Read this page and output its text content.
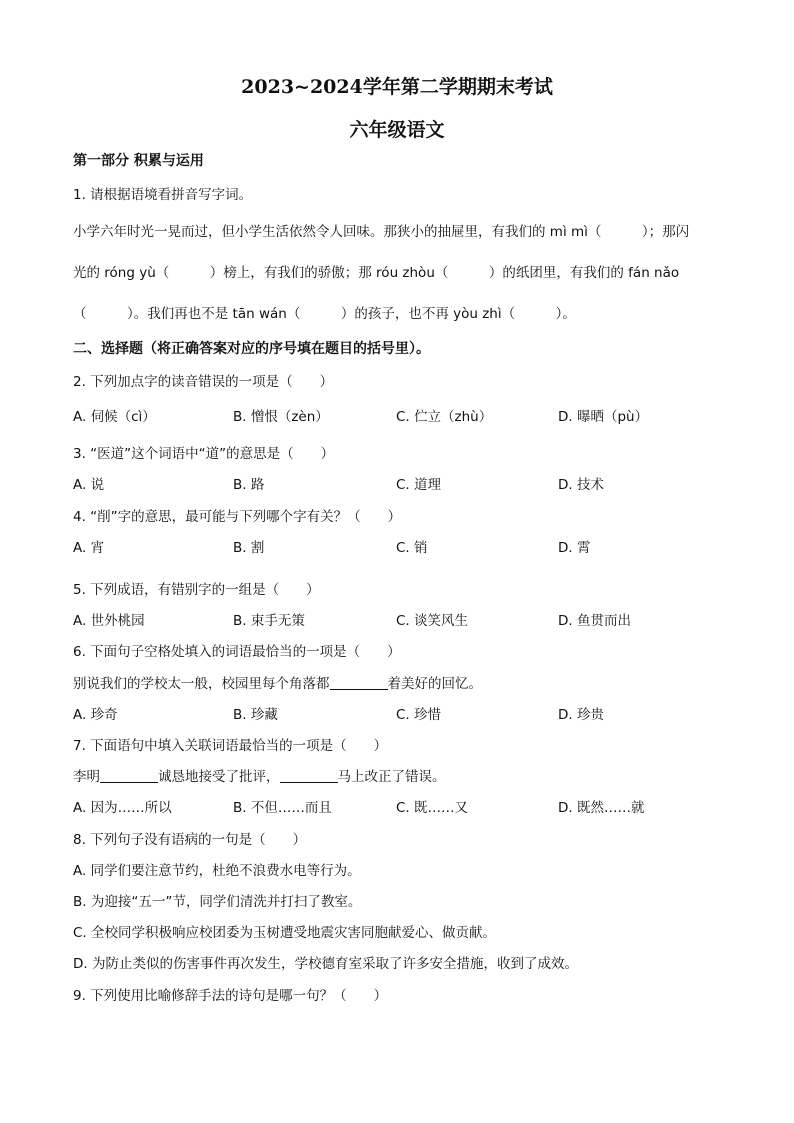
2023~2024学年第二学期期末考试
六年级语文
第一部分 积累与运用
1. 请根据语境看拼音写字词。
小学六年时光一晃而过，但小学生活依然令人回味。那狭小的抽屉里，有我们的 mì mì（　　　）；那闪
光的 róng yù（　　　）榜上，有我们的骄傲；那 róu zhòu（　　　）的纸团里，有我们的 fán nǎo
（　　　）。我们再也不是 tān wán（　　　）的孩子，也不再 yòu zhì（　　　）。
二、选择题（将正确答案对应的序号填在题目的括号里）。
2. 下列加点字的读音错误的一项是（　　）
A. 伺候（cì）	B. 憎恨（zèn）	C. 伫立（zhù）	D. 曝晒（pù）
3. “医道”这个词语中“道”的意思是（　　）
A. 说	B. 路	C. 道理	D. 技术
4. “削”字的意思，最可能与下列哪个字有关？（　　）
A. 宵	B. 割	C. 销	D. 霄
5. 下列成语，有错别字的一组是（　　）
A. 世外桃园	B. 束手无策	C. 谈笑风生	D. 鱼贯而出
6. 下面句子空格处填入的词语最恰当的一项是（　　）
别说我们的学校太一般，校园里每个角落都	着美好的回忆。
A. 珍奇	B. 珍藏	C. 珍惜	D. 珍贵
7. 下面语句中填入关联词语最恰当的一项是（　　）
李明	诚恳地接受了批评，	马上改正了错误。
A. 因为……所以	B. 不但……而且	C. 既……又	D. 既然……就
8. 下列句子没有语病的一句是（　　）
A. 同学们要注意节约，杜绝不浪费水电等行为。
B. 为迎接“五一”节，同学们清洗并打扫了教室。
C. 全校同学积极响应校团委为玉树遭受地震灾害同胞献爱心、做贡献。
D. 为防止类似的伤害事件再次发生，学校德育室采取了许多安全措施，收到了成效。
9. 下列使用比喻修辞手法的诗句是哪一句？（　　）
